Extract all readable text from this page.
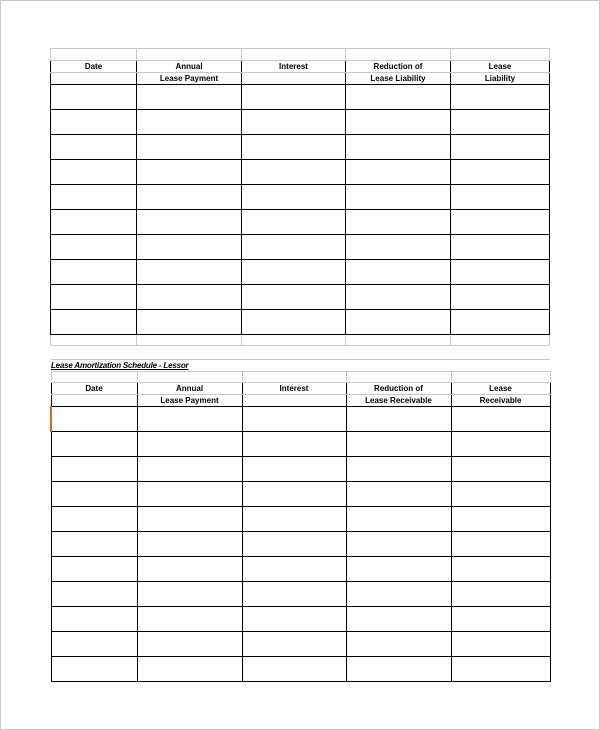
Date	Annual	Interest	Reduction of	Lease
	Lease Payment		Lease Liability	Liability

Lease Amortization Schedule - Lessor				

Date	Annual	Interest	Reduction of	Lease
	Lease Payment		Lease Receivable	Receivable
